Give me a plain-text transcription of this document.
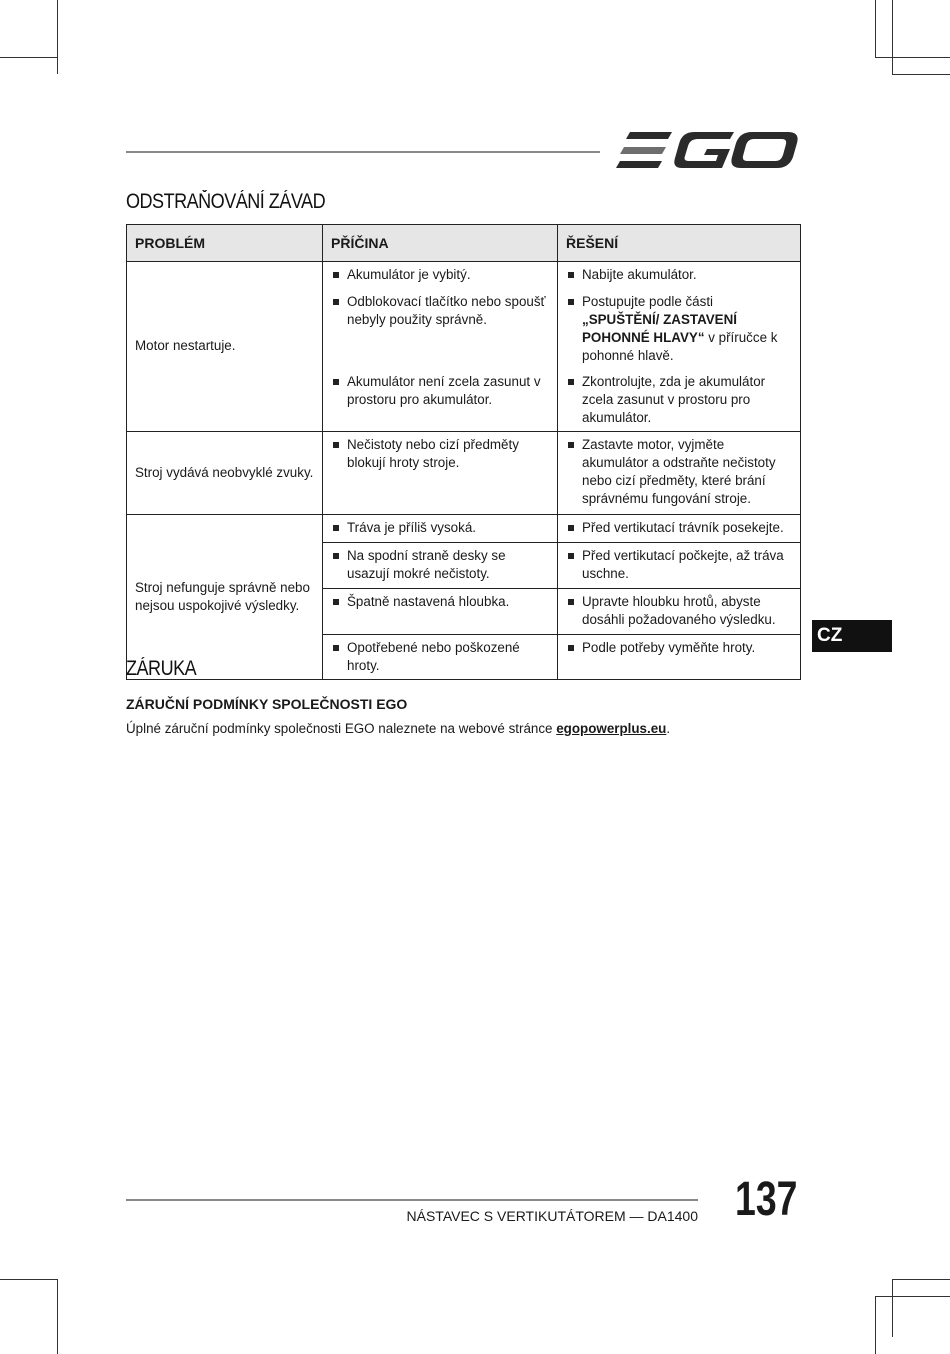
ODSTRAŇOVÁNÍ ZÁVAD
PROBLÉM	PŘÍČINA	ŘEŠENÍ
Motor nestartuje.	Akumulátor je vybitý.	Nabijte akumulátor.

	Odblokovací tlačítko nebo spoušť nebyly použity správně.	Postupujte podle části „SPUŠTĚNÍ/ ZASTAVENÍ POHONNÉ HLAVY“ v příručce k pohonné hlavě.

	Akumulátor není zcela zasunut v prostoru pro akumulátor.	Zkontrolujte, zda je akumulátor zcela zasunut v prostoru pro akumulátor.

Stroj vydává neobvyklé zvuky.	Nečistoty nebo cizí předměty blokují hroty stroje.	Zastavte motor, vyjměte akumulátor a odstraňte nečistoty nebo cizí předměty, které brání správnému fungování stroje.

Stroj nefunguje správně nebo nejsou uspokojivé výsledky.	Tráva je příliš vysoká.	Před vertikutací trávník posekejte.

	Na spodní straně desky se usazují mokré nečistoty.	Před vertikutací počkejte, až tráva uschne.

	Špatně nastavená hloubka.	Upravte hloubku hrotů, abyste dosáhli požadovaného výsledku.

	Opotřebené nebo poškozené hroty.	Podle potřeby vyměňte hroty.
CZ
ZÁRUKA
ZÁRUČNÍ PODMÍNKY SPOLEČNOSTI EGO
Úplné záruční podmínky společnosti EGO naleznete na webové stránce egopowerplus.eu.
NÁSTAVEC S VERTIKUTÁTOREM — DA1400 137
